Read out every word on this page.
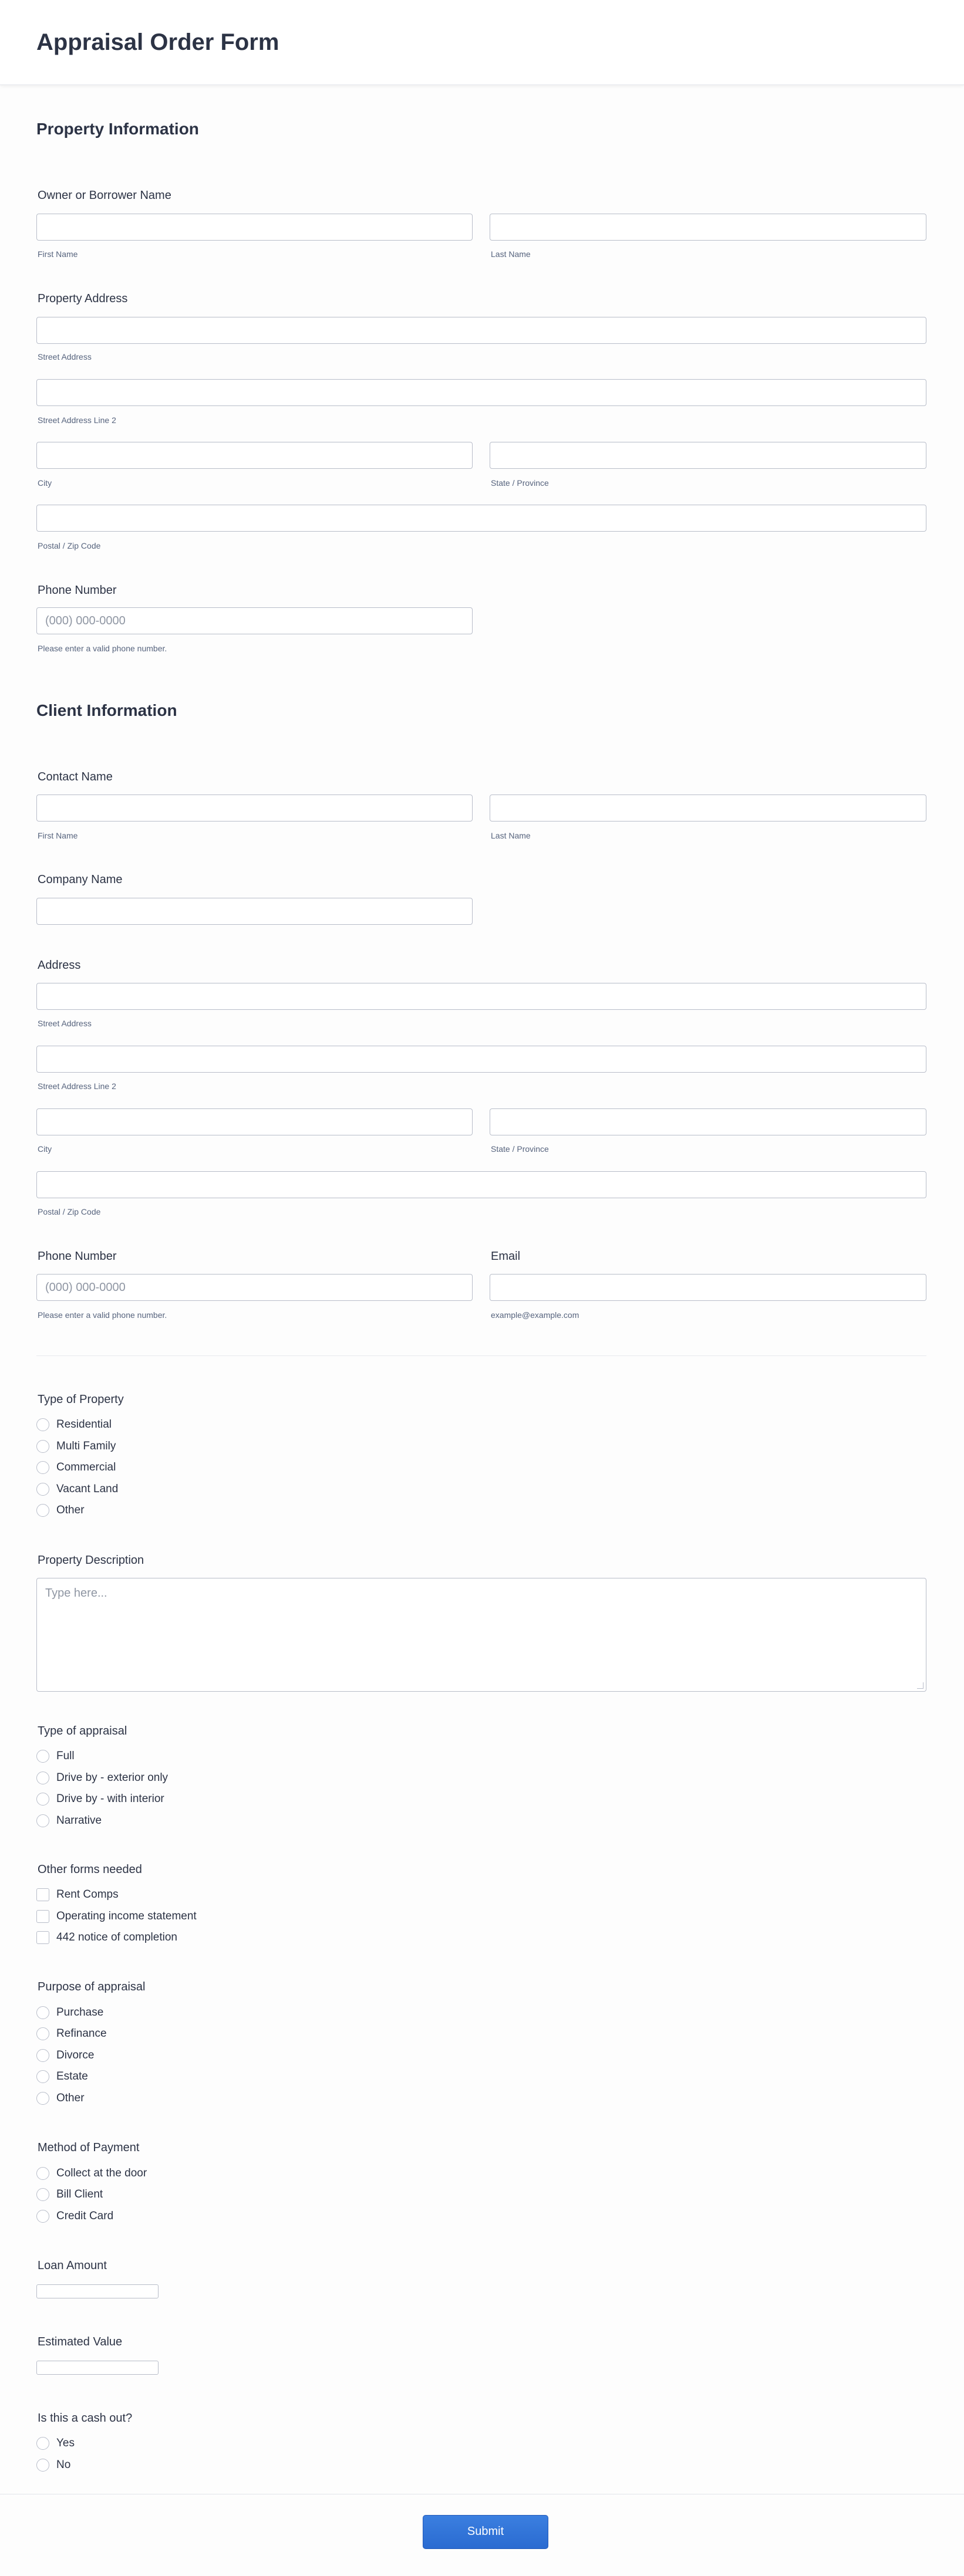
Appraisal Order Form
Property Information
Owner or Borrower Name
First Name	Last Name
Property Address
Street Address
Street Address Line 2
City	State / Province
Postal / Zip Code
Phone Number
(000) 000-0000
Please enter a valid phone number.
Client Information
Contact Name
First Name	Last Name
Company Name
Address
Street Address
Street Address Line 2
City	State / Province
Postal / Zip Code
Phone Number	Email
(000) 000-0000
Please enter a valid phone number.	example@example.com
Type of Property
Residential
Multi Family
Commercial
Vacant Land
Other
Property Description
Type here...
Type of appraisal
Full
Drive by - exterior only
Drive by - with interior
Narrative
Other forms needed
Rent Comps
Operating income statement
442 notice of completion
Purpose of appraisal
Purchase
Refinance
Divorce
Estate
Other
Method of Payment
Collect at the door
Bill Client
Credit Card
Loan Amount
Estimated Value
Is this a cash out?
Yes
No
Submit
